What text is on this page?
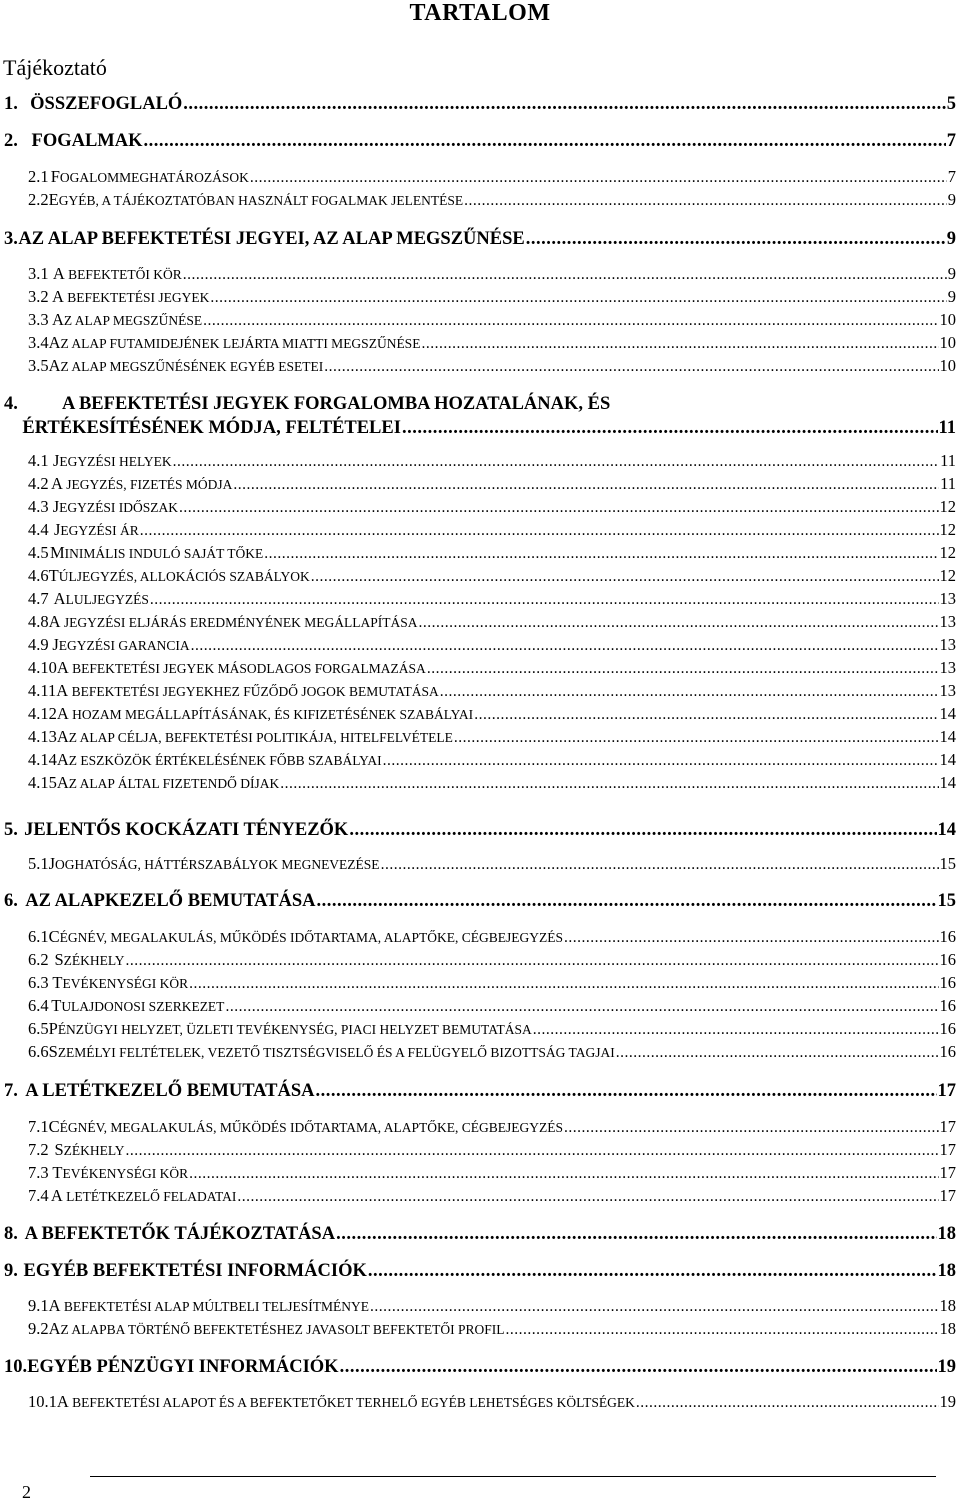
TARTALOM
Tájékoztató
1. ÖSSZEFOGLALÓ .....	5
2. FOGALMAK .....	7
2.1 FOGALOMMEGHATÁROZÁSOK .....	7
2.2 EGYÉB, A TÁJÉKOZTATÓBAN HASZNÁLT FOGALMAK JELENTÉSE .....	9
3. AZ ALAP BEFEKTETÉSI JEGYEI, AZ ALAP MEGSZŰNÉSE .....	9
3.1 A BEFEKTETŐI KÖR .....	9
3.2 A BEFEKTETÉSI JEGYEK .....	9
3.3 AZ ALAP MEGSZŰNÉSE .....	10
3.4 AZ ALAP FUTAMIDEJÉNEK LEJÁRTA MIATTI MEGSZŰNÉSE .....	10
3.5 AZ ALAP MEGSZŰNÉSÉNEK EGYÉB ESETEI .....	10
4.	A BEFEKTETÉSI JEGYEK FORGALOMBA HOZATALÁNAK, ÉS
ÉRTÉKESÍTÉSÉNEK MÓDJA, FELTÉTELEI .....	11
4.1 JEGYZÉSI HELYEK .....	11
4.2 A JEGYZÉS, FIZETÉS MÓDJA .....	11
4.3 JEGYZÉSI IDŐSZAK .....	12
4.4 JEGYZÉSI ÁR .....	12
4.5 MINIMÁLIS INDULÓ SAJÁT TŐKE .....	12
4.6 TÚLJEGYZÉS, ALLOKÁCIÓS SZABÁLYOK .....	12
4.7 ALULJEGYZÉS .....	13
4.8 A JEGYZÉSI ELJÁRÁS EREDMÉNYÉNEK MEGÁLLAPÍTÁSA .....	13
4.9 JEGYZÉSI GARANCIA .....	13
4.10 A BEFEKTETÉSI JEGYEK MÁSODLAGOS FORGALMAZÁSA .....	13
4.11 A BEFEKTETÉSI JEGYEKHEZ FŰZŐDŐ JOGOK BEMUTATÁSA .....	13
4.12 A HOZAM MEGÁLLAPÍTÁSÁNAK, ÉS KIFIZETÉSÉNEK SZABÁLYAI .....	14
4.13 AZ ALAP CÉLJA, BEFEKTETÉSI POLITIKÁJA, HITELFELVÉTELE .....	14
4.14 AZ ESZKÖZÖK ÉRTÉKELÉSÉNEK FŐBB SZABÁLYAI .....	14
4.15 AZ ALAP ÁLTAL FIZETENDŐ DÍJAK .....	14
5. JELENTŐS KOCKÁZATI TÉNYEZŐK .....	14
5.1 JOGHATÓSÁG, HÁTTÉRSZABÁLYOK MEGNEVEZÉSE .....	15
6. AZ ALAPKEZELŐ BEMUTATÁSA .....	15
6.1 CÉGNÉV, MEGALAKULÁS, MŰKÖDÉS IDŐTARTAMA, ALAPTŐKE, CÉGBEJEGYZÉS .....	16
6.2 SZÉKHELY .....	16
6.3 TEVÉKENYSÉGI KÖR .....	16
6.4 TULAJDONOSI SZERKEZET .....	16
6.5 PÉNZÜGYI HELYZET, ÜZLETI TEVÉKENYSÉG, PIACI HELYZET BEMUTATÁSA .....	16
6.6 SZEMÉLYI FELTÉTELEK, VEZETŐ TISZTSÉGVISELŐ ÉS A FELÜGYELŐ BIZOTTSÁG TAGJAI .....	16
7. A LETÉTKEZELŐ BEMUTATÁSA .....	17
7.1 CÉGNÉV, MEGALAKULÁS, MŰKÖDÉS IDŐTARTAMA, ALAPTŐKE, CÉGBEJEGYZÉS .....	17
7.2 SZÉKHELY .....	17
7.3 TEVÉKENYSÉGI KÖR .....	17
7.4 A LETÉTKEZELŐ FELADATAI .....	17
8. A BEFEKTETŐK TÁJÉKOZTATÁSA .....	18
9. EGYÉB BEFEKTETÉSI INFORMÁCIÓK .....	18
9.1 A BEFEKTETÉSI ALAP MÚLTBELI TELJESÍTMÉNYE .....	18
9.2 AZ ALAPBA TÖRTÉNŐ BEFEKTETÉSHEZ JAVASOLT BEFEKTETŐI PROFIL .....	18
10. EGYÉB PÉNZÜGYI INFORMÁCIÓK .....	19
10.1 A BEFEKTETÉSI ALAPOT ÉS A BEFEKTETŐKET TERHELŐ EGYÉB LEHETSÉGES KÖLTSÉGEK .....	19
2
